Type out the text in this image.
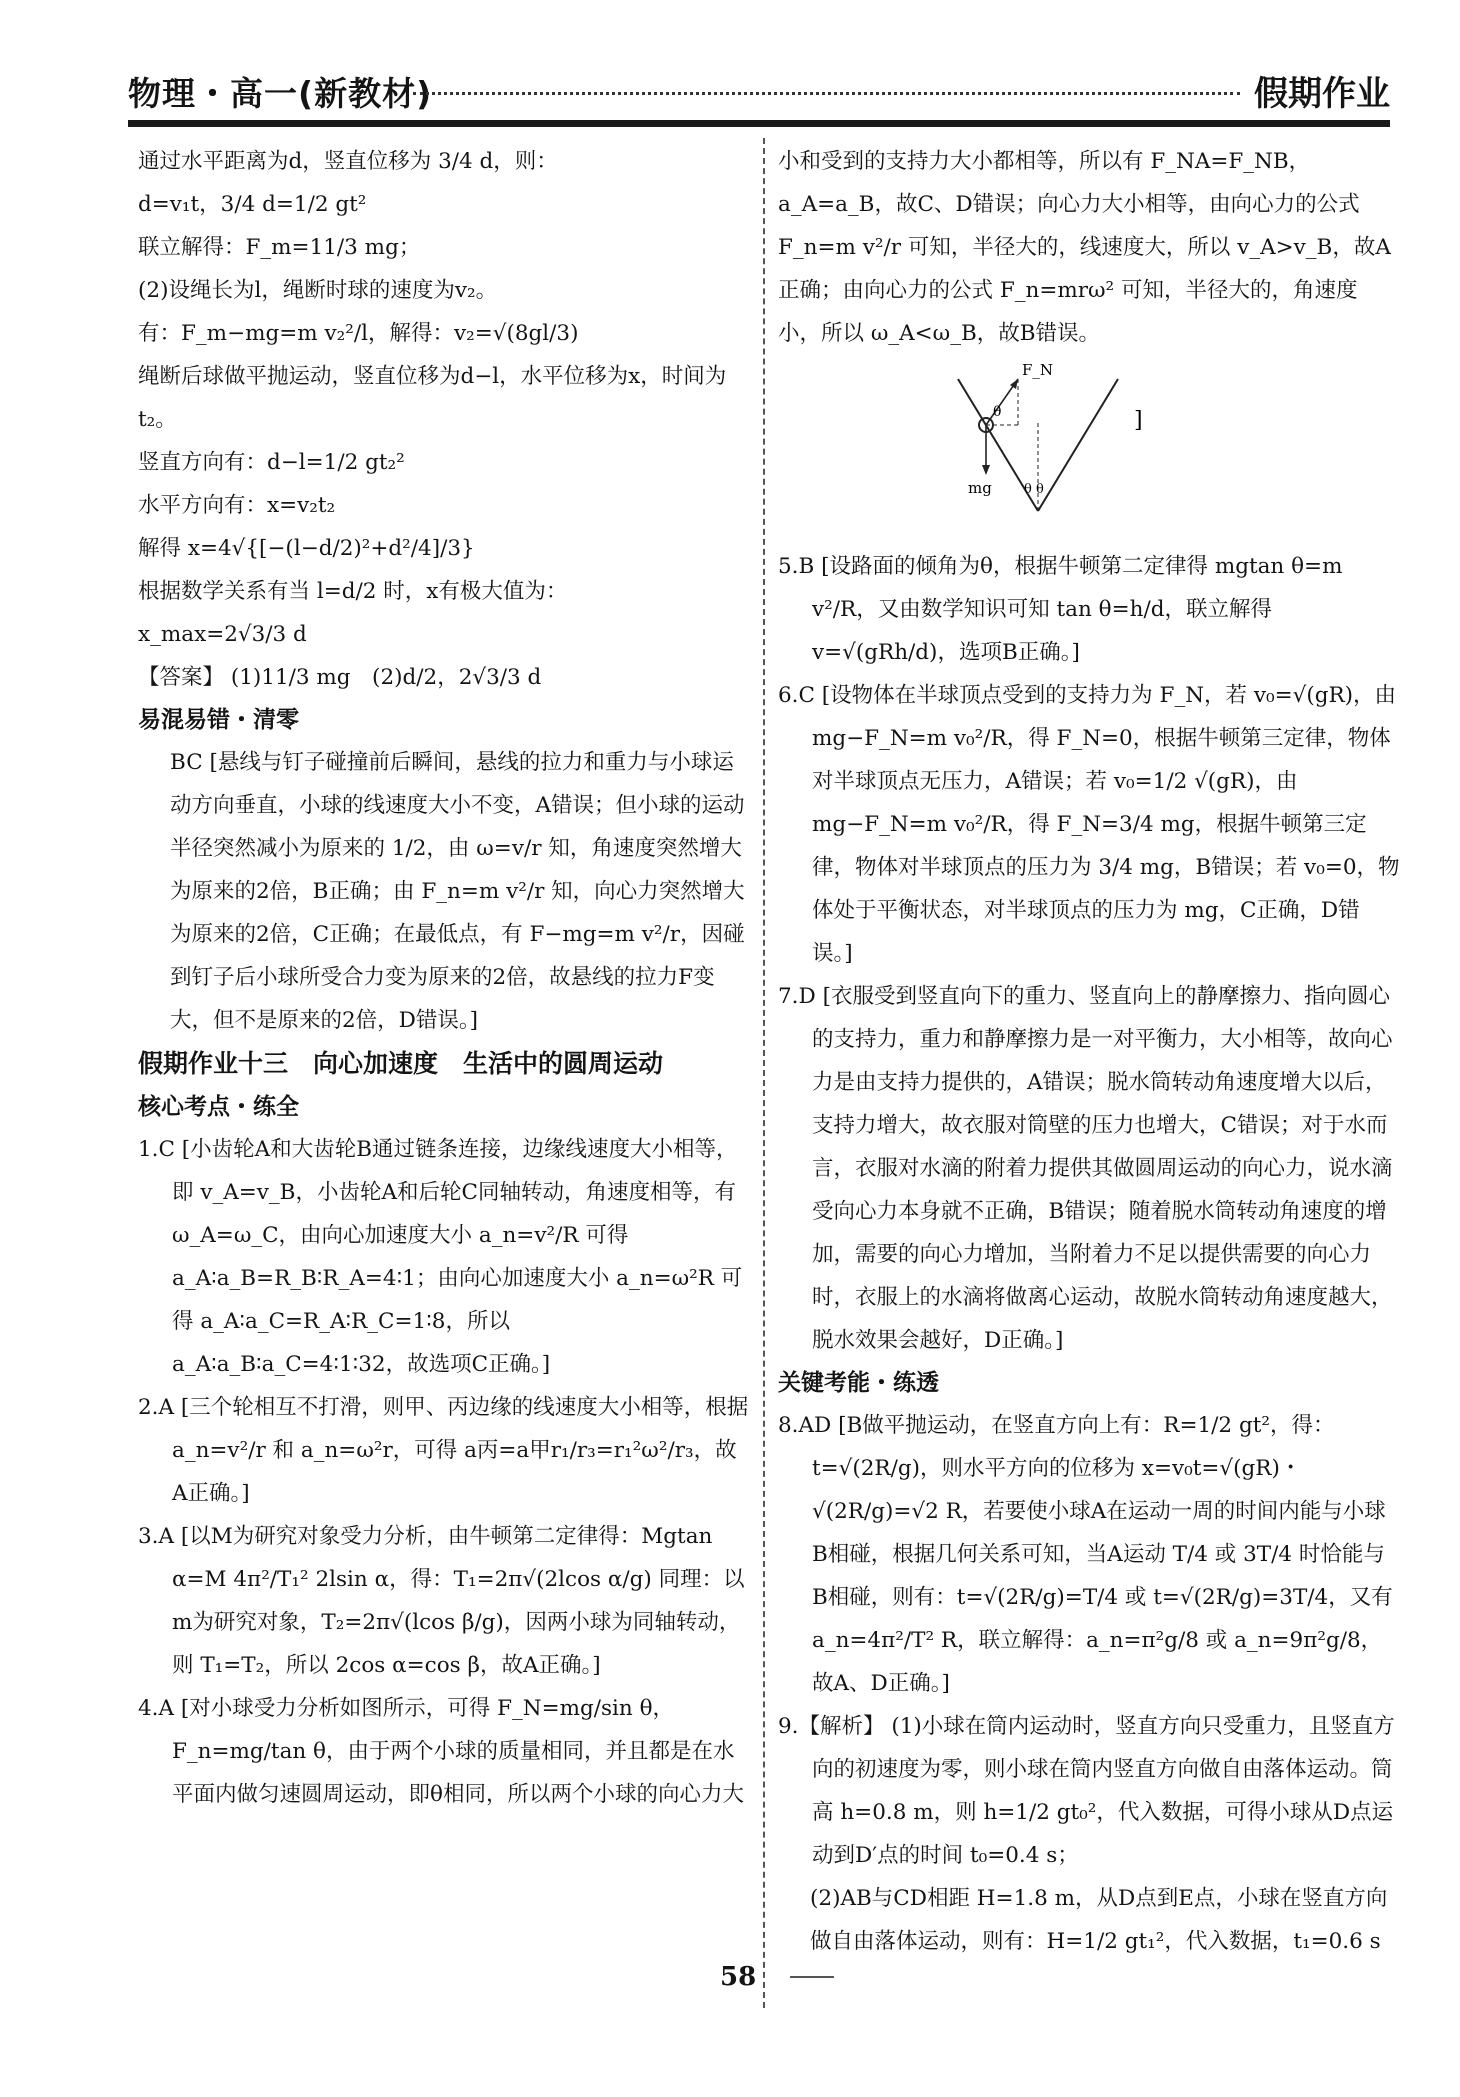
物理・高一(新教材)	假期作业

通过水平距离为d，竖直位移为 3/4 d，则：

d=v₁t，3/4 d=1/2 gt²

联立解得：F_m=11/3 mg；

(2)设绳长为l，绳断时球的速度为v₂。

有：F_m−mg=m v₂²/l，解得：v₂=√(8gl/3)

绳断后球做平抛运动，竖直位移为d−l，水平位移为x，时间为t₂。

竖直方向有：d−l=1/2 gt₂²

水平方向有：x=v₂t₂

解得 x=4√{[−(l−d/2)²+d²/4]/3}

根据数学关系有当 l=d/2 时，x有极大值为：

x_max=2√3/3 d

【答案】 (1)11/3 mg　(2)d/2，2√3/3 d

易混易错・清零

BC [悬线与钉子碰撞前后瞬间，悬线的拉力和重力与小球运动方向垂直，小球的线速度大小不变，A错误；但小球的运动半径突然减小为原来的 1/2，由 ω=v/r 知，角速度突然增大为原来的2倍，B正确；由 F_n=m v²/r 知，向心力突然增大为原来的2倍，C正确；在最低点，有 F−mg=m v²/r，因碰到钉子后小球所受合力变为原来的2倍，故悬线的拉力F变大，但不是原来的2倍，D错误。]

假期作业十三　向心加速度　生活中的圆周运动

核心考点・练全

1.C [小齿轮A和大齿轮B通过链条连接，边缘线速度大小相等，即 v_A=v_B，小齿轮A和后轮C同轴转动，角速度相等，有 ω_A=ω_C，由向心加速度大小 a_n=v²/R 可得 a_A∶a_B=R_B∶R_A=4∶1；由向心加速度大小 a_n=ω²R 可得 a_A∶a_C=R_A∶R_C=1∶8，所以 a_A∶a_B∶a_C=4∶1∶32，故选项C正确。]

2.A [三个轮相互不打滑，则甲、丙边缘的线速度大小相等，根据 a_n=v²/r 和 a_n=ω²r，可得 a丙=a甲r₁/r₃=r₁²ω²/r₃，故A正确。]

3.A [以M为研究对象受力分析，由牛顿第二定律得：Mgtan α=M 4π²/T₁² 2lsin α，得：T₁=2π√(2lcos α/g) 同理：以m为研究对象，T₂=2π√(lcos β/g)，因两小球为同轴转动，则 T₁=T₂，所以 2cos α=cos β，故A正确。]

4.A [对小球受力分析如图所示，可得 F_N=mg/sin θ，F_n=mg/tan θ，由于两个小球的质量相同，并且都是在水平面内做匀速圆周运动，即θ相同，所以两个小球的向心力大

小和受到的支持力大小都相等，所以有 F_NA=F_NB，a_A=a_B，故C、D错误；向心力大小相等，由向心力的公式 F_n=m v²/r 可知，半径大的，线速度大，所以 v_A>v_B，故A正确；由向心力的公式 F_n=mrω² 可知，半径大的，角速度小，所以 ω_A<ω_B，故B错误。

F_N
θ
mg θ θ
]

5.B [设路面的倾角为θ，根据牛顿第二定律得 mgtan θ=m v²/R，又由数学知识可知 tan θ=h/d，联立解得 v=√(gRh/d)，选项B正确。]

6.C [设物体在半球顶点受到的支持力为 F_N，若 v₀=√(gR)，由 mg−F_N=m v₀²/R，得 F_N=0，根据牛顿第三定律，物体对半球顶点无压力，A错误；若 v₀=1/2 √(gR)，由 mg−F_N=m v₀²/R，得 F_N=3/4 mg，根据牛顿第三定律，物体对半球顶点的压力为 3/4 mg，B错误；若 v₀=0，物体处于平衡状态，对半球顶点的压力为 mg，C正确，D错误。]

7.D [衣服受到竖直向下的重力、竖直向上的静摩擦力、指向圆心的支持力，重力和静摩擦力是一对平衡力，大小相等，故向心力是由支持力提供的，A错误；脱水筒转动角速度增大以后，支持力增大，故衣服对筒壁的压力也增大，C错误；对于水而言，衣服对水滴的附着力提供其做圆周运动的向心力，说水滴受向心力本身就不正确，B错误；随着脱水筒转动角速度的增加，需要的向心力增加，当附着力不足以提供需要的向心力时，衣服上的水滴将做离心运动，故脱水筒转动角速度越大，脱水效果会越好，D正确。]

关键考能・练透

8.AD [B做平抛运动，在竖直方向上有：R=1/2 gt²，得：t=√(2R/g)，则水平方向的位移为 x=v₀t=√(gR)・√(2R/g)=√2 R，若要使小球A在运动一周的时间内能与小球B相碰，根据几何关系可知，当A运动 T/4 或 3T/4 时恰能与B相碰，则有：t=√(2R/g)=T/4 或 t=√(2R/g)=3T/4，又有 a_n=4π²/T² R，联立解得：a_n=π²g/8 或 a_n=9π²g/8，故A、D正确。]

9.【解析】 (1)小球在筒内运动时，竖直方向只受重力，且竖直方向的初速度为零，则小球在筒内竖直方向做自由落体运动。筒高 h=0.8 m，则 h=1/2 gt₀²，代入数据，可得小球从D点运动到D′点的时间 t₀=0.4 s；

(2)AB与CD相距 H=1.8 m，从D点到E点，小球在竖直方向做自由落体运动，则有：H=1/2 gt₁²，代入数据，t₁=0.6 s

58
